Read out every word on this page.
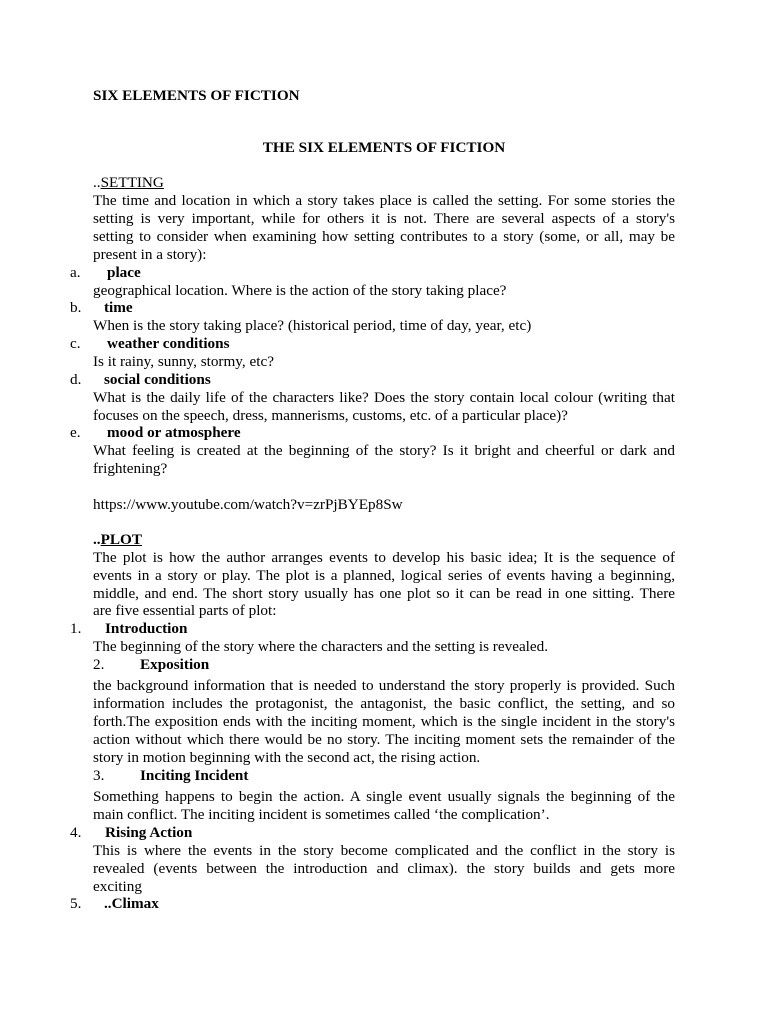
SIX ELEMENTS OF FICTION
THE SIX ELEMENTS OF FICTION
..SETTING
The time and location in which a story takes place is called the setting. For some stories the
setting is very important, while for others it is not. There are several aspects of a story's
setting to consider when examining how setting contributes to a story (some, or all, may be
present in a story):
a. place
geographical location. Where is the action of the story taking place?
b. time
When is the story taking place? (historical period, time of day, year, etc)
c. weather conditions
Is it rainy, sunny, stormy, etc?
d. social conditions
What is the daily life of the characters like? Does the story contain local colour (writing that
focuses on the speech, dress, mannerisms, customs, etc. of a particular place)?
e. mood or atmosphere
What feeling is created at the beginning of the story? Is it bright and cheerful or dark and
frightening?
https://www.youtube.com/watch?v=zrPjBYEp8Sw
..PLOT
The plot is how the author arranges events to develop his basic idea; It is the sequence of
events in a story or play. The plot is a planned, logical series of events having a beginning,
middle, and end. The short story usually has one plot so it can be read in one sitting. There
are five essential parts of plot:
1. Introduction
The beginning of the story where the characters and the setting is revealed.
2. Exposition
the background information that is needed to understand the story properly is provided. Such
information includes the protagonist, the antagonist, the basic conflict, the setting, and so
forth.The exposition ends with the inciting moment, which is the single incident in the story's
action without which there would be no story. The inciting moment sets the remainder of the
story in motion beginning with the second act, the rising action.
3. Inciting Incident
Something happens to begin the action. A single event usually signals the beginning of the
main conflict. The inciting incident is sometimes called ‘the complication’.
4. Rising Action
This is where the events in the story become complicated and the conflict in the story is
revealed (events between the introduction and climax). the story builds and gets more
exciting
5. ..Climax
